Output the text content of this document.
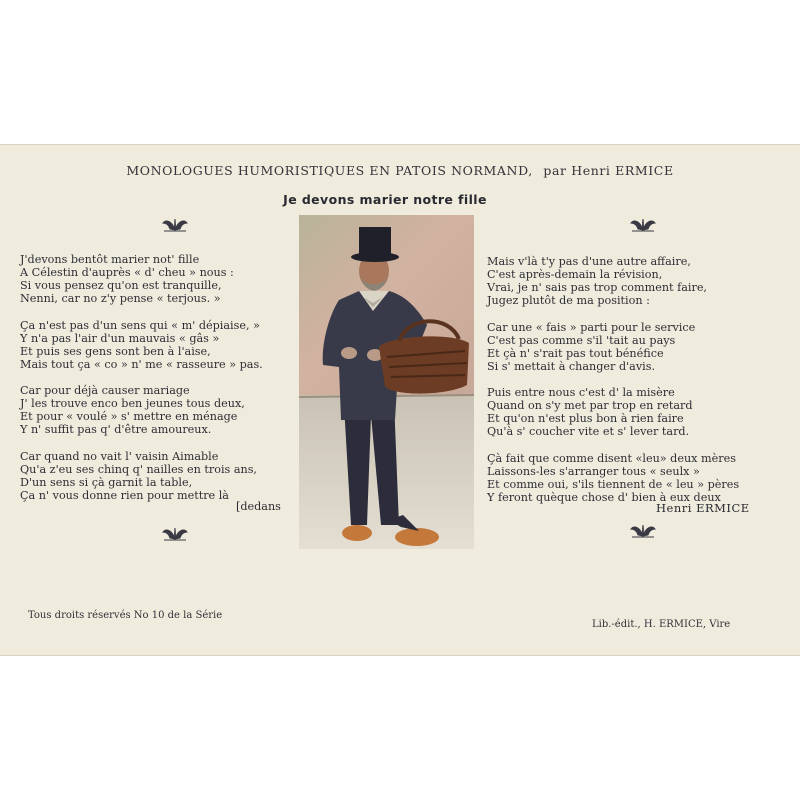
MONOLOGUES HUMORISTIQUES EN PATOIS NORMAND, par Henri ERMICE
Je devons marier notre fille
J'devons bentôt marier not' fille
A Célestin d'auprès « d' cheu » nous :
Si vous pensez qu'on est tranquille,
Nenni, car no z'y pense « terjous. »
Ça n'est pas d'un sens qui « m' dépiaise, »
Y n'a pas l'air d'un mauvais « gâs »
Et puis ses gens sont ben à l'aise,
Mais tout ça « co » n' me « rasseure » pas.
Car pour déjà causer mariage
J' les trouve enco ben jeunes tous deux,
Et pour « voulé » s' mettre en ménage
Y n' suffit pas q' d'être amoureux.
Car quand no vait l' vaisin Aimable
Qu'a z'eu ses chinq q' nailles en trois ans,
D'un sens si çà garnit la table,
Ça n' vous donne rien pour mettre là
[dedans
Mais v'là t'y pas d'une autre affaire,
C'est après-demain la révision,
Vrai, je n' sais pas trop comment faire,
Jugez plutôt de ma position :
Car une « fais » parti pour le service
C'est pas comme s'il 'tait au pays
Et çà n' s'rait pas tout bénéfice
Si s' mettait à changer d'avis.
Puis entre nous c'est d' la misère
Quand on s'y met par trop en retard
Et qu'on n'est plus bon à rien faire
Qu'à s' coucher vite et s' lever tard.
Çà fait que comme disent «leu» deux mères
Laissons-les s'arranger tous « seulx »
Et comme oui, s'ils tiennent de « leu » pères
Y feront quèque chose d' bien à eux deux
Henri ERMICE
Tous droits réservés No 10 de la Série
Lib.-édit., H. ERMICE, Vire
